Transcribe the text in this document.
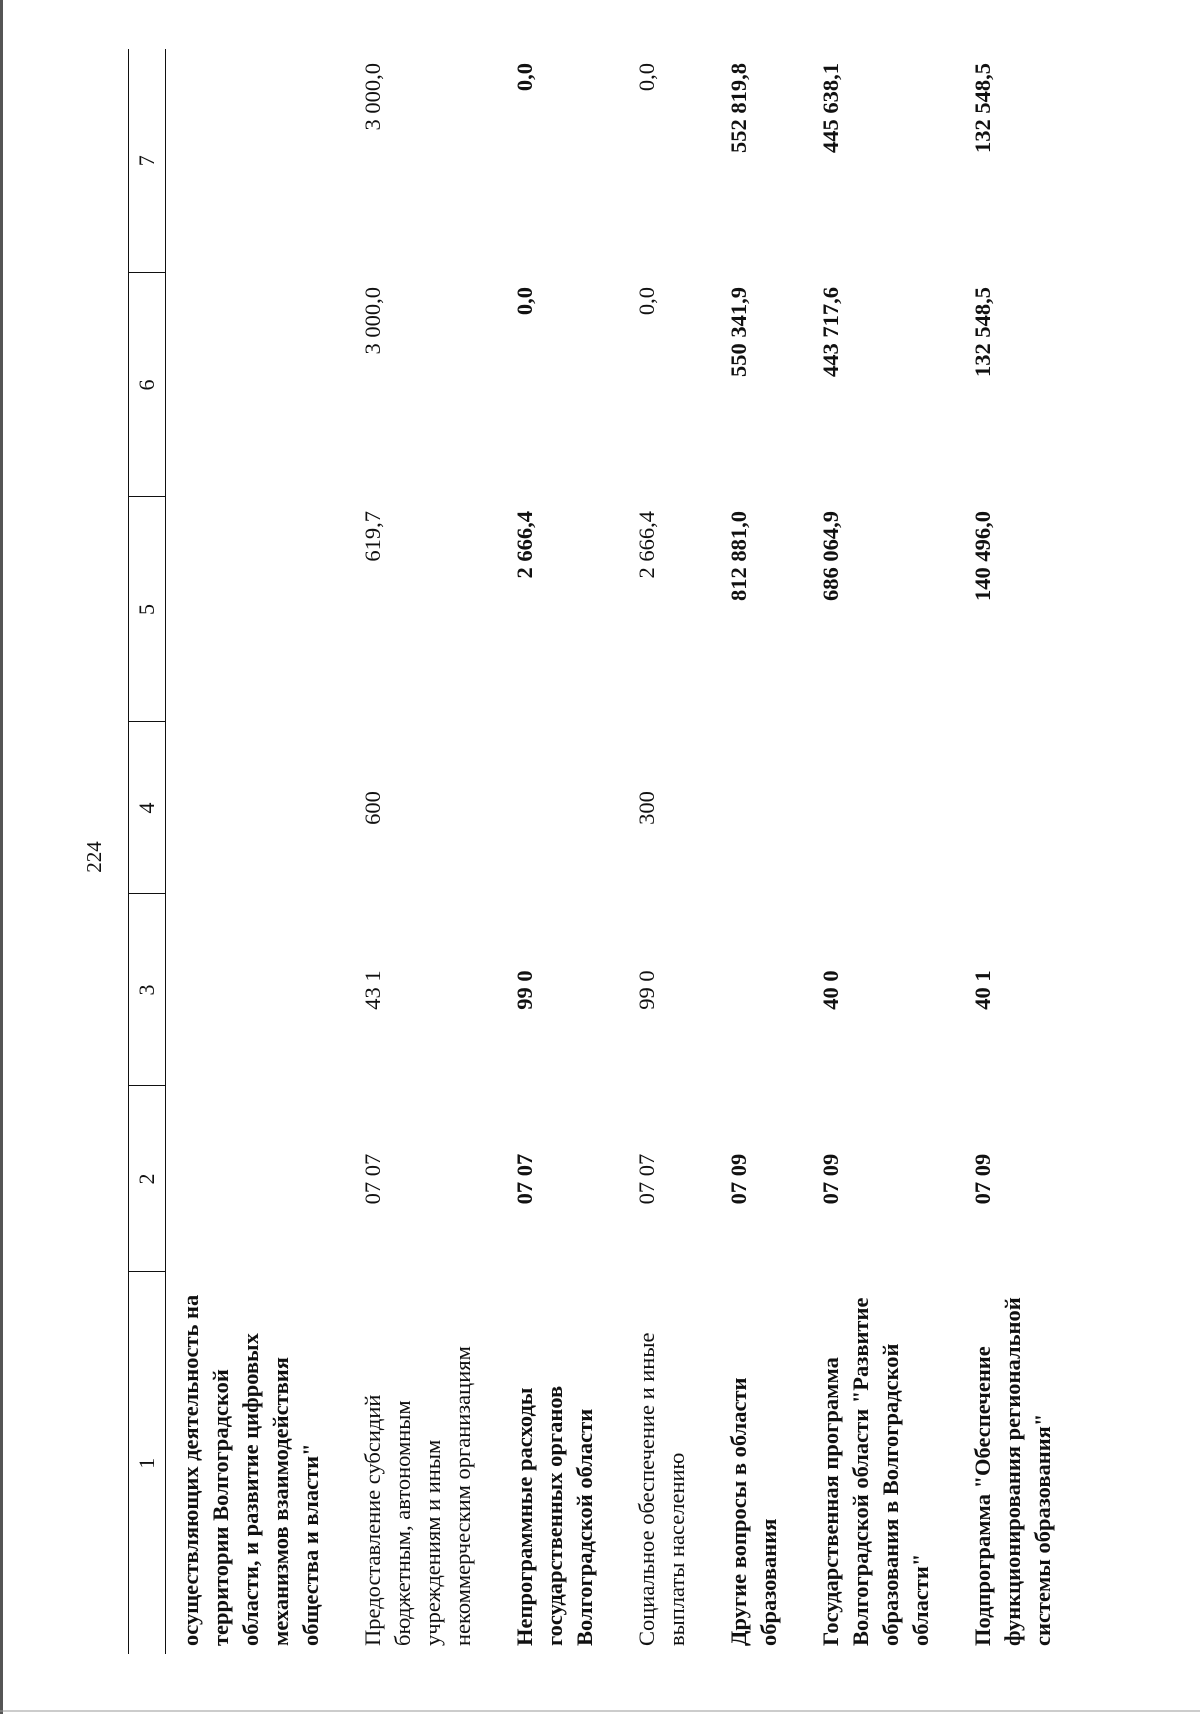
224
1	2	3	4	5	6	7
осуществляющих деятельность на территории Волгоградской области, и развитие цифровых механизмов взаимодействия общества и власти"						
Предоставление субсидий бюджетным, автономным учреждениям и иным некоммерческим организациям	07 07	43 1	600	619,7	3 000,0	3 000,0
Непрограммные расходы государственных органов Волгоградской области	07 07	99 0		2 666,4	0,0	0,0
Социальное обеспечение и иные выплаты населению	07 07	99 0	300	2 666,4	0,0	0,0
Другие вопросы в области образования	07 09			812 881,0	550 341,9	552 819,8
Государственная программа Волгоградской области "Развитие образования в Волгоградской области"	07 09	40 0		686 064,9	443 717,6	445 638,1
Подпрограмма "Обеспечение функционирования региональной системы образования"	07 09	40 1		140 496,0	132 548,5	132 548,5
